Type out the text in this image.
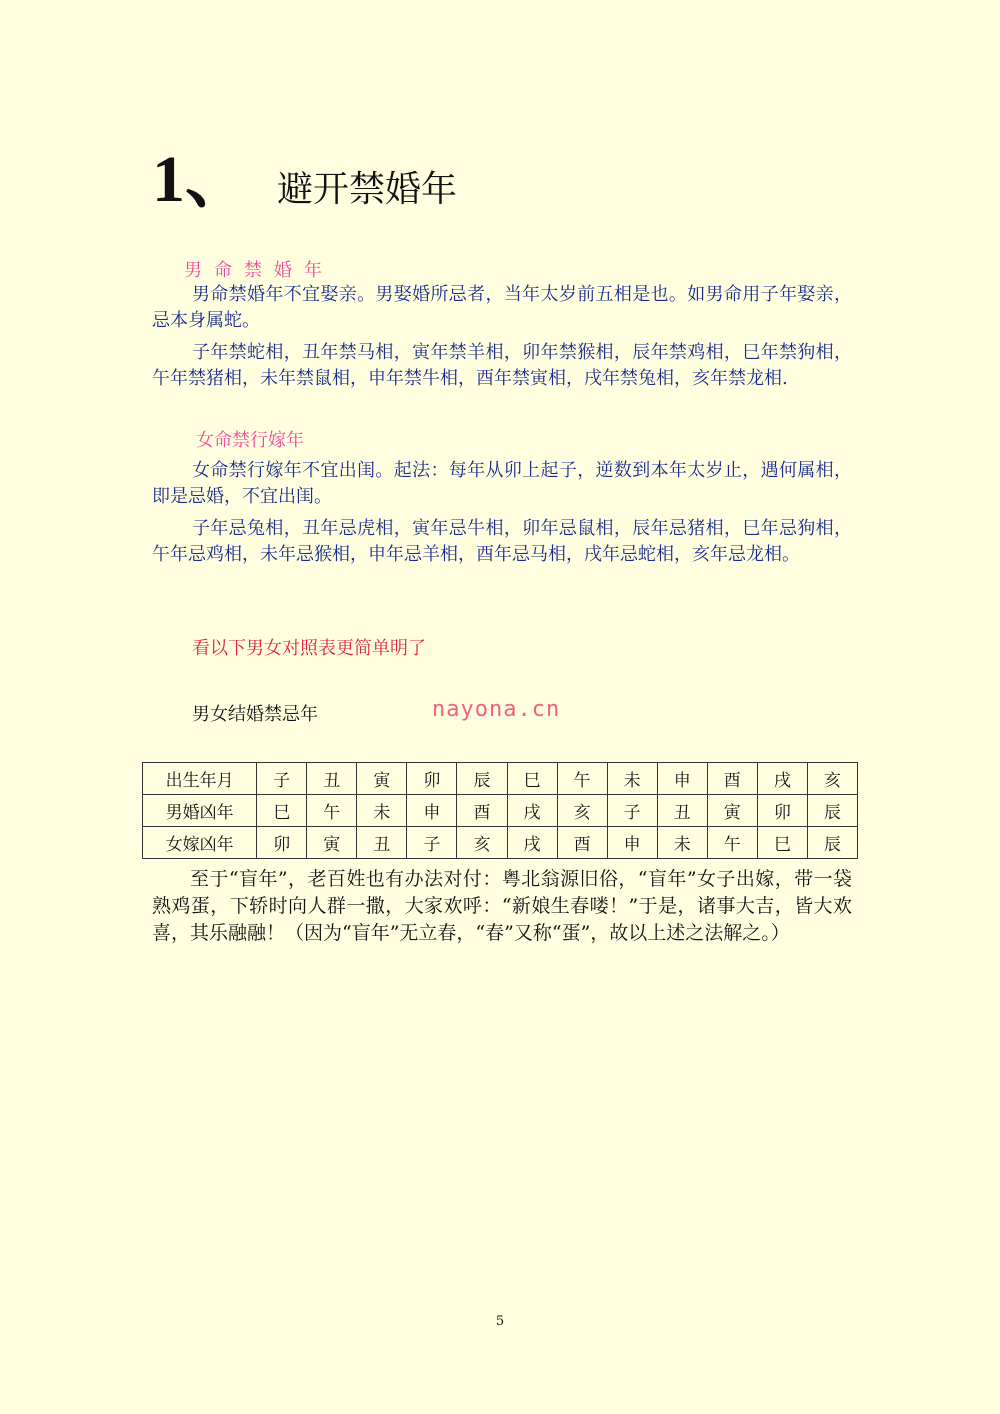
1、 避开禁婚年
男命禁婚年

男命禁婚年不宜娶亲。男娶婚所忌者，当年太岁前五相是也。如男命用子年娶亲，忌本身属蛇。

子年禁蛇相，丑年禁马相，寅年禁羊相，卯年禁猴相，辰年禁鸡相，巳年禁狗相，午年禁猪相，未年禁鼠相，申年禁牛相，酉年禁寅相，戌年禁兔相，亥年禁龙相.

女命禁行嫁年

女命禁行嫁年不宜出闺。起法：每年从卯上起子，逆数到本年太岁止，遇何属相，即是忌婚，不宜出闺。

子年忌兔相，丑年忌虎相，寅年忌牛相，卯年忌鼠相，辰年忌猪相，巳年忌狗相，午年忌鸡相，未年忌猴相，申年忌羊相，酉年忌马相，戌年忌蛇相，亥年忌龙相。

看以下男女对照表更简单明了
男女结婚禁忌年	nayona.cn
出生年月	子	丑	寅	卯	辰	巳	午	未	申	酉	戌	亥
男婚凶年	巳	午	未	申	酉	戌	亥	子	丑	寅	卯	辰
女嫁凶年	卯	寅	丑	子	亥	戌	酉	申	未	午	巳	辰

至于“盲年”，老百姓也有办法对付：粤北翁源旧俗，“盲年”女子出嫁，带一袋熟鸡蛋，下轿时向人群一撒，大家欢呼：“新娘生春喽！”于是，诸事大吉，皆大欢喜，其乐融融！（因为“盲年”无立春，“春”又称“蛋”，故以上述之法解之。）

5
